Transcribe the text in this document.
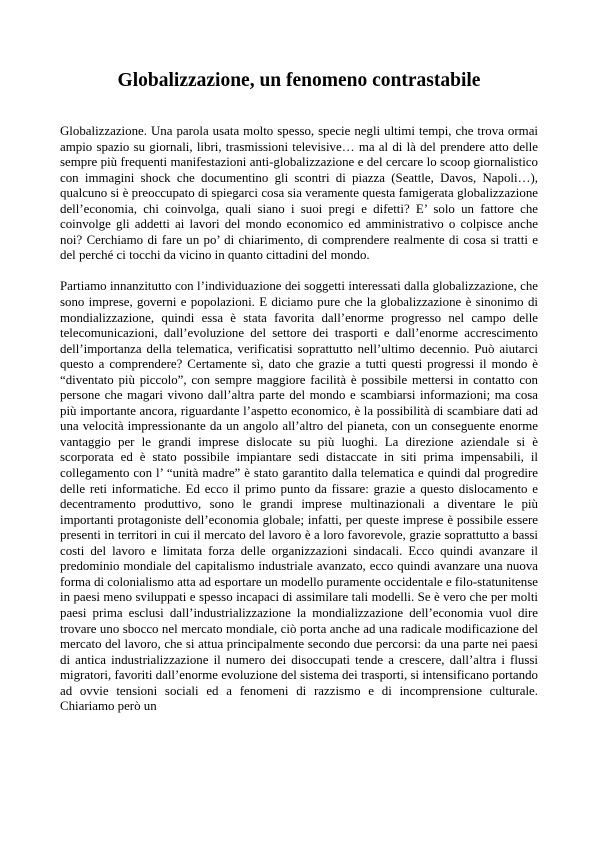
Globalizzazione, un fenomeno contrastabile

Globalizzazione. Una parola usata molto spesso, specie negli ultimi tempi, che trova ormai ampio spazio su giornali, libri, trasmissioni televisive… ma al di là del prendere atto delle sempre più frequenti manifestazioni anti-globalizzazione e del cercare lo scoop giornalistico con immagini shock che documentino gli scontri di piazza (Seattle, Davos, Napoli…), qualcuno si è preoccupato di spiegarci cosa sia veramente questa famigerata globalizzazione dell’economia, chi coinvolga, quali siano i suoi pregi e difetti? E’ solo un fattore che coinvolge gli addetti ai lavori del mondo economico ed amministrativo o colpisce anche noi? Cerchiamo di fare un po’ di chiarimento, di comprendere realmente di cosa si tratti e del perché ci tocchi da vicino in quanto cittadini del mondo.

Partiamo innanzitutto con l’individuazione dei soggetti interessati dalla globalizzazione, che sono imprese, governi e popolazioni. E diciamo pure che la globalizzazione è sinonimo di mondializzazione, quindi essa è stata favorita dall’enorme progresso nel campo delle telecomunicazioni, dall’evoluzione del settore dei trasporti e dall’enorme accrescimento dell’importanza della telematica, verificatisi soprattutto nell’ultimo decennio. Può aiutarci questo a comprendere? Certamente sì, dato che grazie a tutti questi progressi il mondo è “diventato più piccolo”, con sempre maggiore facilità è possibile mettersi in contatto con persone che magari vivono dall’altra parte del mondo e scambiarsi informazioni; ma cosa più importante ancora, riguardante l’aspetto economico, è la possibilità di scambiare dati ad una velocità impressionante da un angolo all’altro del pianeta, con un conseguente enorme vantaggio per le grandi imprese dislocate su più luoghi. La direzione aziendale si è scorporata ed è stato possibile impiantare sedi distaccate in siti prima impensabili, il collegamento con l’ “unità madre” è stato garantito dalla telematica e quindi dal progredire delle reti informatiche. Ed ecco il primo punto da fissare: grazie a questo dislocamento e decentramento produttivo, sono le grandi imprese multinazionali a diventare le più importanti protagoniste dell’economia globale; infatti, per queste imprese è possibile essere presenti in territori in cui il mercato del lavoro è a loro favorevole, grazie soprattutto a bassi costi del lavoro e limitata forza delle organizzazioni sindacali. Ecco quindi avanzare il predominio mondiale del capitalismo industriale avanzato, ecco quindi avanzare una nuova forma di colonialismo atta ad esportare un modello puramente occidentale e filo-statunitense in paesi meno sviluppati e spesso incapaci di assimilare tali modelli. Se è vero che per molti paesi prima esclusi dall’industrializzazione la mondializzazione dell’economia vuol dire trovare uno sbocco nel mercato mondiale, ciò porta anche ad una radicale modificazione del mercato del lavoro, che si attua principalmente secondo due percorsi: da una parte nei paesi di antica industrializzazione il numero dei disoccupati tende a crescere, dall’altra i flussi migratori, favoriti dall’enorme evoluzione del sistema dei trasporti, si intensificano portando ad ovvie tensioni sociali ed a fenomeni di razzismo e di incomprensione culturale. Chiariamo però un
